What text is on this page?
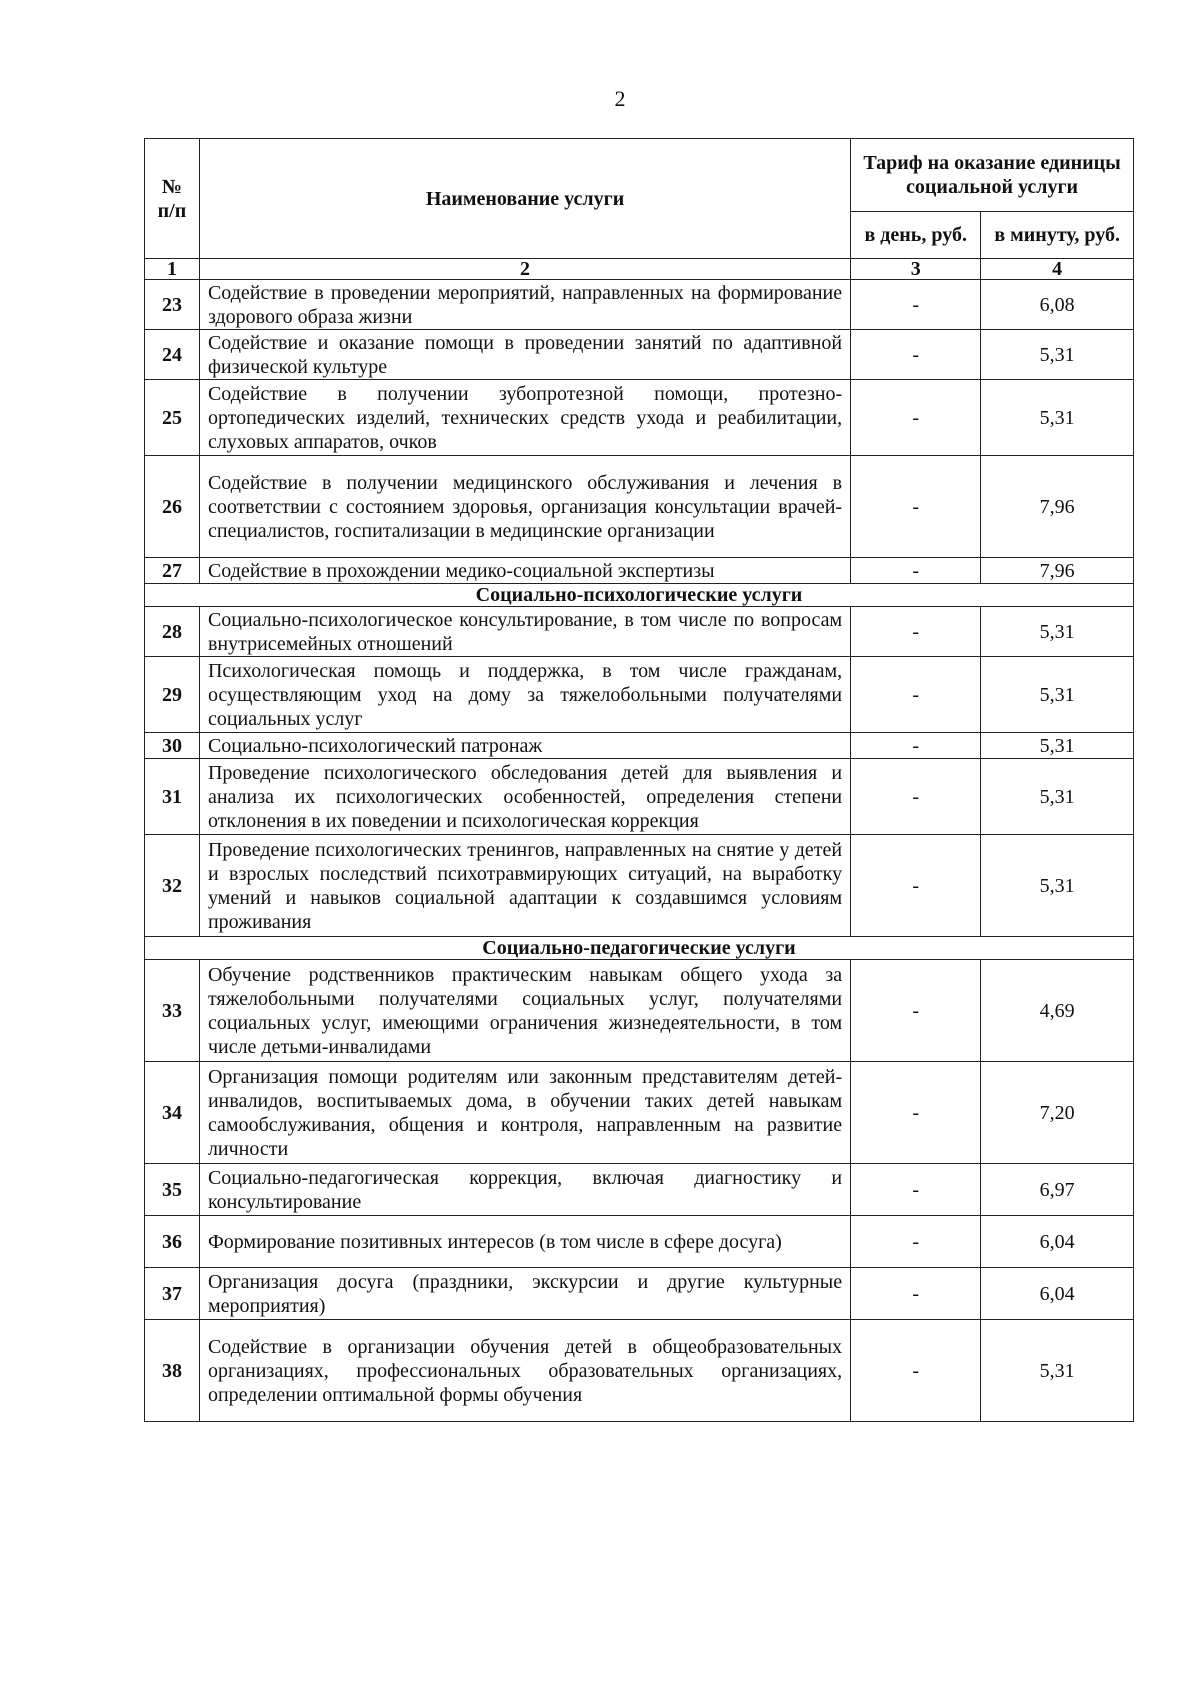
2
№ п/п	Наименование услуги	Тариф на оказание единицы социальной услуги	
		в день, руб.	в минуту, руб.
1	2	3	4
23	Содействие в проведении мероприятий, направленных на формирование здорового образа жизни	-	6,08
24	Содействие и оказание помощи в проведении занятий по адаптивной физической культуре	-	5,31
25	Содействие в получении зубопротезной помощи, протезно-ортопедических изделий, технических средств ухода и реабилитации, слуховых аппаратов, очков	-	5,31
26	Содействие в получении медицинского обслуживания и лечения в соответствии с состоянием здоровья, организация консультации врачей-специалистов, госпитализации в медицинские организации	-	7,96
27	Содействие в прохождении медико-социальной экспертизы	-	7,96
Социально-психологические услуги			
28	Социально-психологическое консультирование, в том числе по вопросам внутрисемейных отношений	-	5,31
29	Психологическая помощь и поддержка, в том числе гражданам, осуществляющим уход на дому за тяжелобольными получателями социальных услуг	-	5,31
30	Социально-психологический патронаж	-	5,31
31	Проведение психологического обследования детей для выявления и анализа их психологических особенностей, определения степени отклонения в их поведении и психологическая коррекция	-	5,31
32	Проведение психологических тренингов, направленных на снятие у детей и взрослых последствий психотравмирующих ситуаций, на выработку умений и навыков социальной адаптации к создавшимся условиям проживания	-	5,31
Социально-педагогические услуги			
33	Обучение родственников практическим навыкам общего ухода за тяжелобольными получателями социальных услуг, получателями социальных услуг, имеющими ограничения жизнедеятельности, в том числе детьми-инвалидами	-	4,69
34	Организация помощи родителям или законным представителям детей-инвалидов, воспитываемых дома, в обучении таких детей навыкам самообслуживания, общения и контроля, направленным на развитие личности	-	7,20
35	Социально-педагогическая коррекция, включая диагностику и консультирование	-	6,97
36	Формирование позитивных интересов (в том числе в сфере досуга)	-	6,04
37	Организация досуга (праздники, экскурсии и другие культурные мероприятия)	-	6,04
38	Содействие в организации обучения детей в общеобразовательных организациях, профессиональных образовательных организациях, определении оптимальной формы обучения	-	5,31
